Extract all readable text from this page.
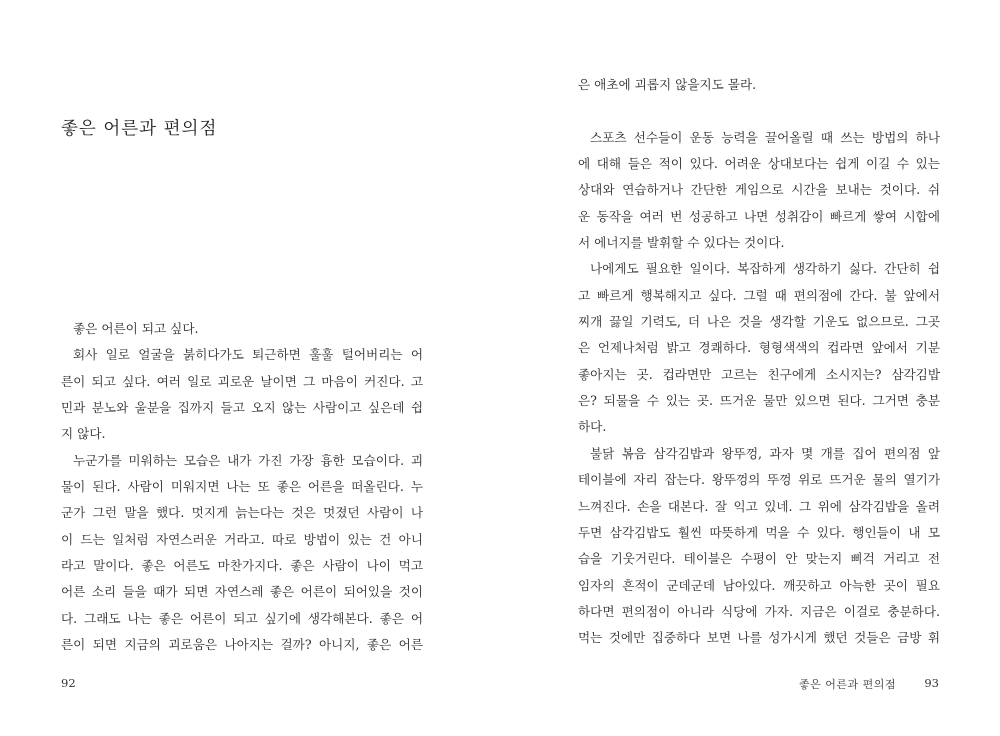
좋은 어른과 편의점
좋은 어른이 되고 싶다.
회사 일로 얼굴을 붉히다가도 퇴근하면 훌훌 털어버리는 어
른이 되고 싶다. 여러 일로 괴로운 날이면 그 마음이 커진다. 고
민과 분노와 울분을 집까지 들고 오지 않는 사람이고 싶은데 쉽
지 않다.
누군가를 미워하는 모습은 내가 가진 가장 흉한 모습이다. 괴
물이 된다. 사람이 미워지면 나는 또 좋은 어른을 떠올린다. 누
군가 그런 말을 했다. 멋지게 늙는다는 것은 멋졌던 사람이 나
이 드는 일처럼 자연스러운 거라고. 따로 방법이 있는 건 아니
라고 말이다. 좋은 어른도 마찬가지다. 좋은 사람이 나이 먹고
어른 소리 들을 때가 되면 자연스레 좋은 어른이 되어있을 것이
다. 그래도 나는 좋은 어른이 되고 싶기에 생각해본다. 좋은 어
른이 되면 지금의 괴로움은 나아지는 걸까? 아니지, 좋은 어른
92
은 애초에 괴롭지 않을지도 몰라.
스포츠 선수들이 운동 능력을 끌어올릴 때 쓰는 방법의 하나
에 대해 들은 적이 있다. 어려운 상대보다는 쉽게 이길 수 있는
상대와 연습하거나 간단한 게임으로 시간을 보내는 것이다. 쉬
운 동작을 여러 번 성공하고 나면 성취감이 빠르게 쌓여 시합에
서 에너지를 발휘할 수 있다는 것이다.
나에게도 필요한 일이다. 복잡하게 생각하기 싫다. 간단히 쉽
고 빠르게 행복해지고 싶다. 그럴 때 편의점에 간다. 불 앞에서
찌개 끓일 기력도, 더 나은 것을 생각할 기운도 없으므로. 그곳
은 언제나처럼 밝고 경쾌하다. 형형색색의 컵라면 앞에서 기분
좋아지는 곳. 컵라면만 고르는 친구에게 소시지는? 삼각김밥
은? 되물을 수 있는 곳. 뜨거운 물만 있으면 된다. 그거면 충분
하다.
불닭 볶음 삼각김밥과 왕뚜껑, 과자 몇 개를 집어 편의점 앞
테이블에 자리 잡는다. 왕뚜껑의 뚜껑 위로 뜨거운 물의 열기가
느껴진다. 손을 대본다. 잘 익고 있네. 그 위에 삼각김밥을 올려
두면 삼각김밥도 훨씬 따뜻하게 먹을 수 있다. 행인들이 내 모
습을 기웃거린다. 테이블은 수평이 안 맞는지 삐걱 거리고 전
임자의 흔적이 군데군데 남아있다. 깨끗하고 아늑한 곳이 필요
하다면 편의점이 아니라 식당에 가자. 지금은 이걸로 충분하다.
먹는 것에만 집중하다 보면 나를 성가시게 했던 것들은 금방 휘
좋은 어른과 편의점 93
